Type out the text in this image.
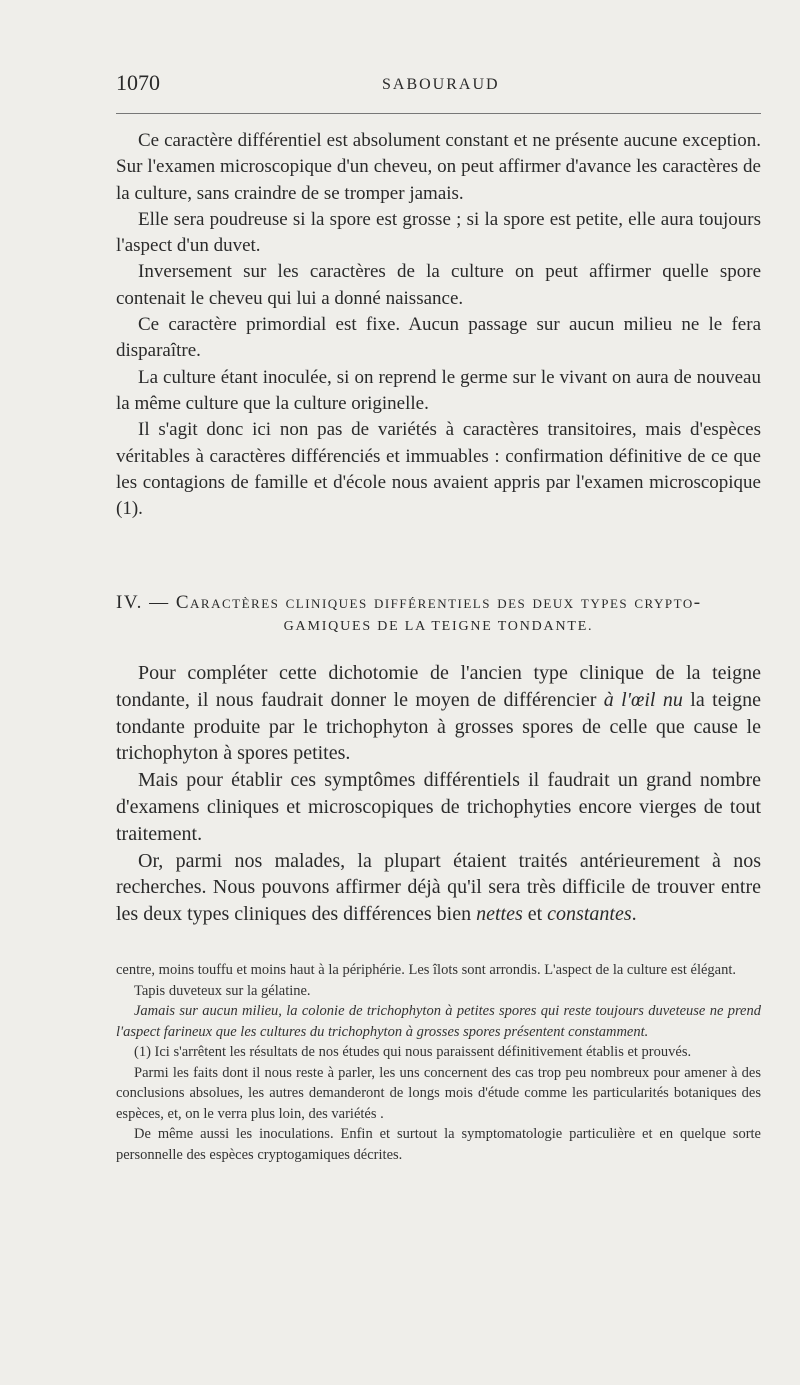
1070	SABOURAUD

Ce caractère différentiel est absolument constant et ne présente aucune exception. Sur l'examen microscopique d'un cheveu, on peut affirmer d'avance les caractères de la culture, sans craindre de se tromper jamais.

Elle sera poudreuse si la spore est grosse ; si la spore est petite, elle aura toujours l'aspect d'un duvet.

Inversement sur les caractères de la culture on peut affirmer quelle spore contenait le cheveu qui lui a donné naissance.

Ce caractère primordial est fixe. Aucun passage sur aucun milieu ne le fera disparaître.

La culture étant inoculée, si on reprend le germe sur le vivant on aura de nouveau la même culture que la culture originelle.

Il s'agit donc ici non pas de variétés à caractères transitoires, mais d'espèces véritables à caractères différenciés et immuables : confirmation définitive de ce que les contagions de famille et d'école nous avaient appris par l'examen microscopique (1).

IV. — Caractères cliniques différentiels des deux types crypto-
GAMIQUES DE LA TEIGNE TONDANTE.

Pour compléter cette dichotomie de l'ancien type clinique de la teigne tondante, il nous faudrait donner le moyen de différencier à l'œil nu la teigne tondante produite par le trichophyton à grosses spores de celle que cause le trichophyton à spores petites.

Mais pour établir ces symptômes différentiels il faudrait un grand nombre d'examens cliniques et microscopiques de trichophyties encore vierges de tout traitement.

Or, parmi nos malades, la plupart étaient traités antérieurement à nos recherches. Nous pouvons affirmer déjà qu'il sera très difficile de trouver entre les deux types cliniques des différences bien nettes et constantes.

centre, moins touffu et moins haut à la périphérie. Les îlots sont arrondis. L'aspect de la culture est élégant.

Tapis duveteux sur la gélatine.

Jamais sur aucun milieu, la colonie de trichophyton à petites spores qui reste toujours duveteuse ne prend l'aspect farineux que les cultures du trichophyton à grosses spores présentent constamment.

(1) Ici s'arrêtent les résultats de nos études qui nous paraissent définitivement établis et prouvés.

Parmi les faits dont il nous reste à parler, les uns concernent des cas trop peu nombreux pour amener à des conclusions absolues, les autres demanderont de longs mois d'étude comme les particularités botaniques des espèces, et, on le verra plus loin, des variétés .

De même aussi les inoculations. Enfin et surtout la symptomatologie particulière et en quelque sorte personnelle des espèces cryptogamiques décrites.
